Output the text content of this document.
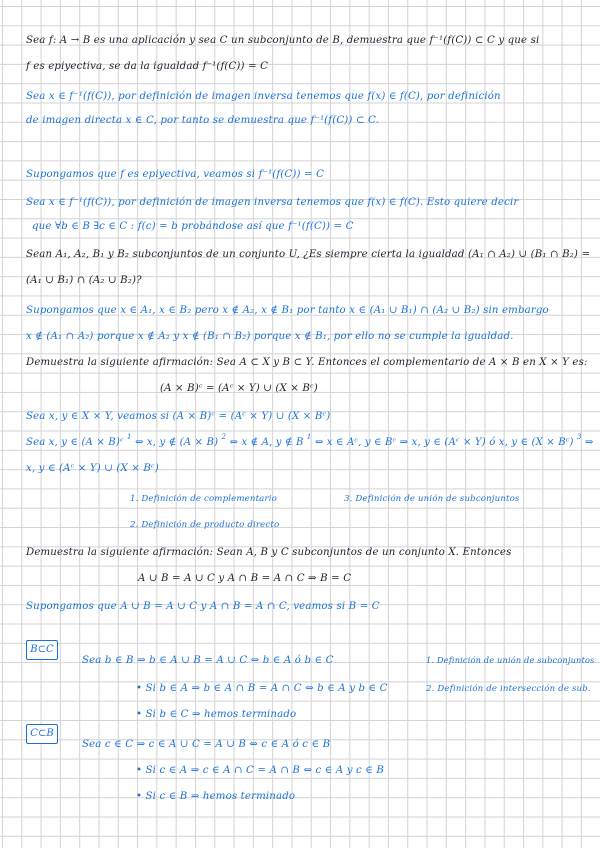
Sea f: A → B es una aplicación y sea C un subconjunto de B, demuestra que f⁻¹(f(C)) ⊂ C y que si
f es epiyectiva, se da la igualdad f⁻¹(f(C)) = C
Sea x ∈ f⁻¹(f(C)), por definición de imagen inversa tenemos que f(x) ∈ f(C), por definición
de imagen directa x ∈ C, por tanto se demuestra que f⁻¹(f(C)) ⊂ C.
Supongamos que f es epiyectiva, veamos si f⁻¹(f(C)) = C
Sea x ∈ f⁻¹(f(C)), por definición de imagen inversa tenemos que f(x) ∈ f(C). Esto quiere decir
que ∀b ∈ B ∃c ∈ C : f(c) = b probándose así que f⁻¹(f(C)) = C
Sean A₁, A₂, B₁ y B₂ subconjuntos de un conjunto U, ¿Es siempre cierta la igualdad (A₁ ∩ A₂) ∪ (B₁ ∩ B₂) =
(A₁ ∪ B₁) ∩ (A₂ ∪ B₂)?
Supongamos que x ∈ A₁, x ∈ B₂ pero x ∉ A₂, x ∉ B₁ por tanto x ∈ (A₁ ∪ B₁) ∩ (A₂ ∪ B₂) sin embargo
x ∉ (A₁ ∩ A₂) porque x ∉ A₂ y x ∉ (B₁ ∩ B₂) porque x ∉ B₁, por ello no se cumple la igualdad.
Demuestra la siguiente afirmación: Sea A ⊂ X y B ⊂ Y. Entonces el complementario de A × B en X × Y es:
(A × B)ᶜ = (Aᶜ × Y) ∪ (X × Bᶜ)
Sea x, y ∈ X × Y, veamos si (A × B)ᶜ = (Aᶜ × Y) ∪ (X × Bᶜ)
Sea x, y ∈ (A × B)ᶜ $^1$ ⇔ x, y ∉ (A × B) $^2$ ⇔ x ∉ A, y ∉ B $^1$ ⇔ x ∈ Aᶜ, y ∈ Bᶜ ⇒ x, y ∈ (Aᶜ × Y) ó x, y ∈ (X × Bᶜ) $^3$ ⇒
x, y ∈ (Aᶜ × Y) ∪ (X × Bᶜ)
1. Definición de complementario	3. Definición de unión de subconjuntos
2. Definición de producto directo
Demuestra la siguiente afirmación: Sean A, B y C subconjuntos de un conjunto X. Entonces
A ∪ B = A ∪ C y A ∩ B = A ∩ C ⇒ B = C
Supongamos que A ∪ B = A ∪ C y A ∩ B = A ∩ C, veamos si B = C
B⊂C
Sea b ∈ B ⇒ b ∈ A ∪ B = A ∪ C ⇔ b ∈ A ó b ∈ C	1. Definición de unión de subconjuntos
• Si b ∈ A ⇒ b ∈ A ∩ B = A ∩ C ⇔ b ∈ A y b ∈ C	2. Definición de intersección de sub.
• Si b ∈ C ⇒ hemos terminado
C⊂B
Sea c ∈ C ⇒ c ∈ A ∪ C = A ∪ B ⇔ c ∈ A ó c ∈ B
• Si c ∈ A ⇒ c ∈ A ∩ C = A ∩ B ⇔ c ∈ A y c ∈ B
• Si c ∈ B ⇒ hemos terminado
